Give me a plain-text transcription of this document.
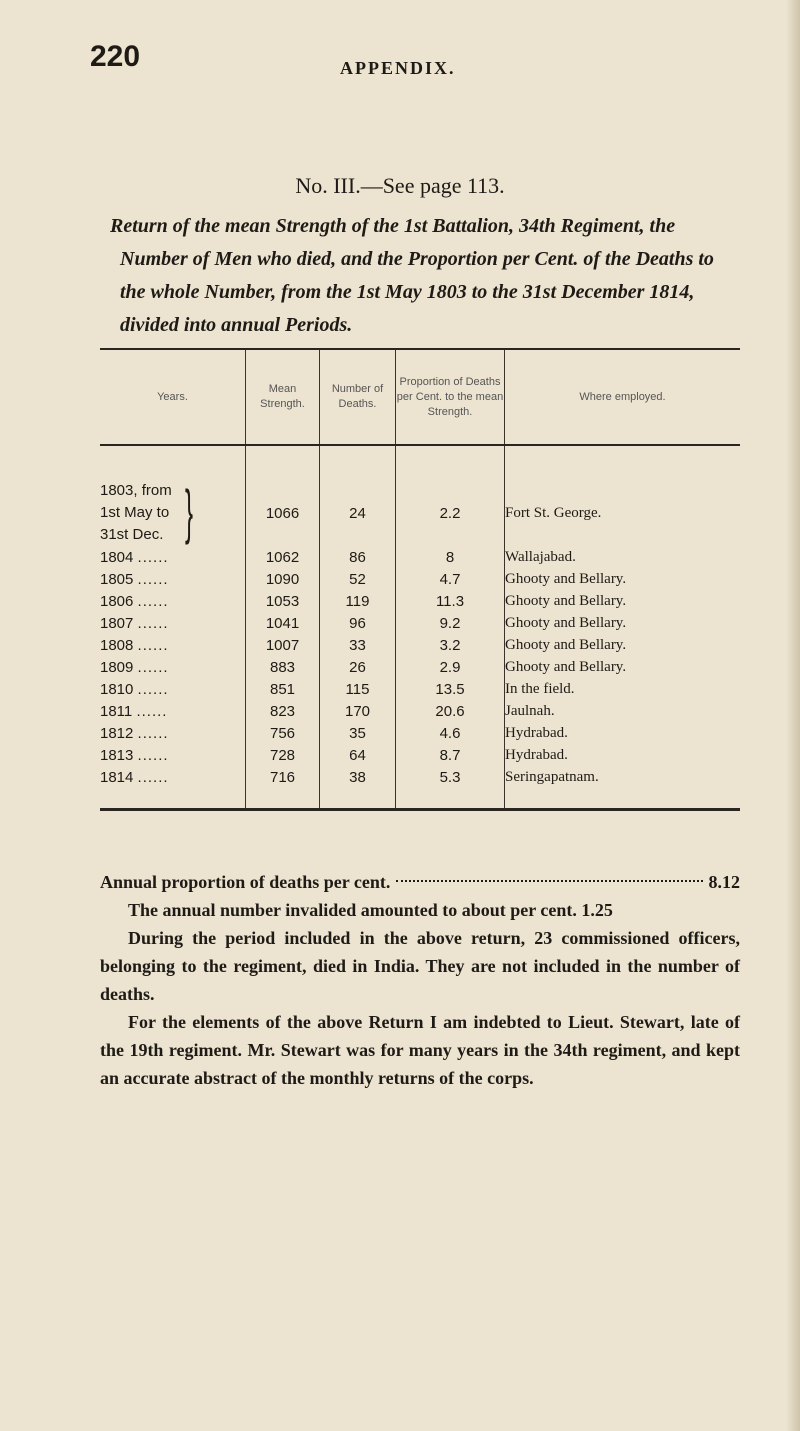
220	APPENDIX.
No. III.—See page 113.
Return of the mean Strength of the 1st Battalion, 34th Regiment, the Number of Men who died, and the Proportion per Cent. of the Deaths to the whole Number, from the 1st May 1803 to the 31st December 1814, divided into annual Periods.
Years.	Mean Strength.	Number of Deaths.	Proportion of Deaths per Cent. to the mean Strength.	Where employed.

1803, from
1st May to
31st Dec. }	1066	24	2.2	Fort St. George.
1804 ......	1062	86	8	Wallajabad.
1805 ......	1090	52	4.7	Ghooty and Bellary.
1806 ......	1053	119	11.3	Ghooty and Bellary.
1807 ......	1041	96	9.2	Ghooty and Bellary.
1808 ......	1007	33	3.2	Ghooty and Bellary.
1809 ......	883	26	2.9	Ghooty and Bellary.
1810 ......	851	115	13.5	In the field.
1811 ......	823	170	20.6	Jaulnah.
1812 ......	756	35	4.6	Hydrabad.
1813 ......	728	64	8.7	Hydrabad.
1814 ......	716	38	5.3	Seringapatnam.
Annual proportion of deaths per cent.	8.12
The annual number invalided amounted to about per cent. 1.25
During the period included in the above return, 23 commissioned officers, belonging to the regiment, died in India. They are not included in the number of deaths.
For the elements of the above Return I am indebted to Lieut. Stewart, late of the 19th regiment. Mr. Stewart was for many years in the 34th regiment, and kept an accurate abstract of the monthly returns of the corps.
